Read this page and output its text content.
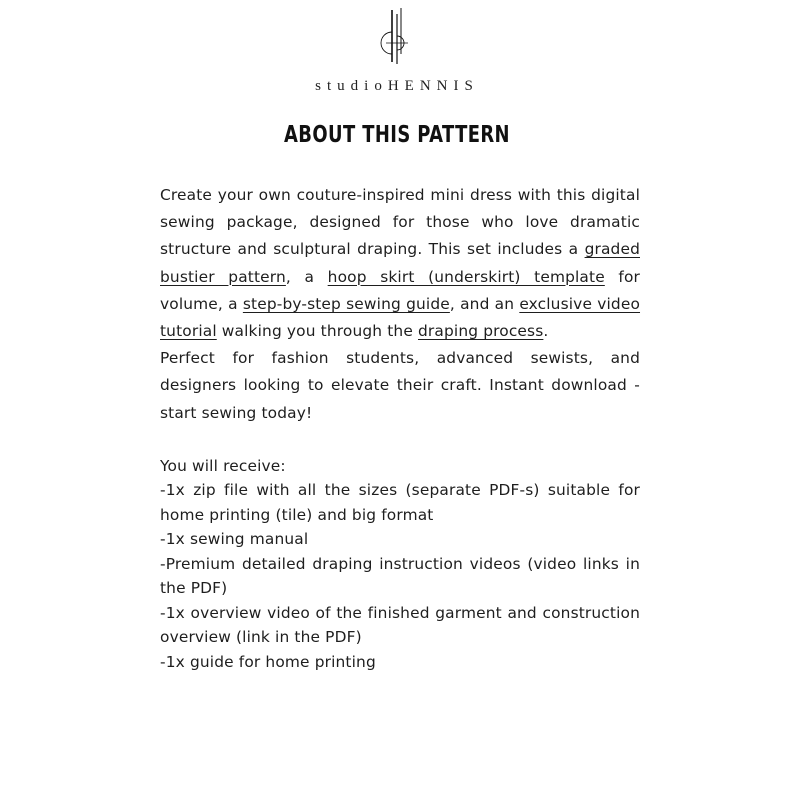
studioHENNIS
ABOUT THIS PATTERN

Create your own couture-inspired mini dress with this digital sewing package, designed for those who love dramatic structure and sculptural draping. This set includes a graded bustier pattern, a hoop skirt (underskirt) template for volume, a step-by-step sewing guide, and an exclusive video tutorial walking you through the draping process.

Perfect for fashion students, advanced sewists, and designers looking to elevate their craft. Instant download - start sewing today!

You will receive:

-1x zip file with all the sizes (separate PDF-s) suitable for home printing (tile) and big format

-1x sewing manual

-Premium detailed draping instruction videos (video links in the PDF)

-1x overview video of the finished garment and construction overview (link in the PDF)

-1x guide for home printing
